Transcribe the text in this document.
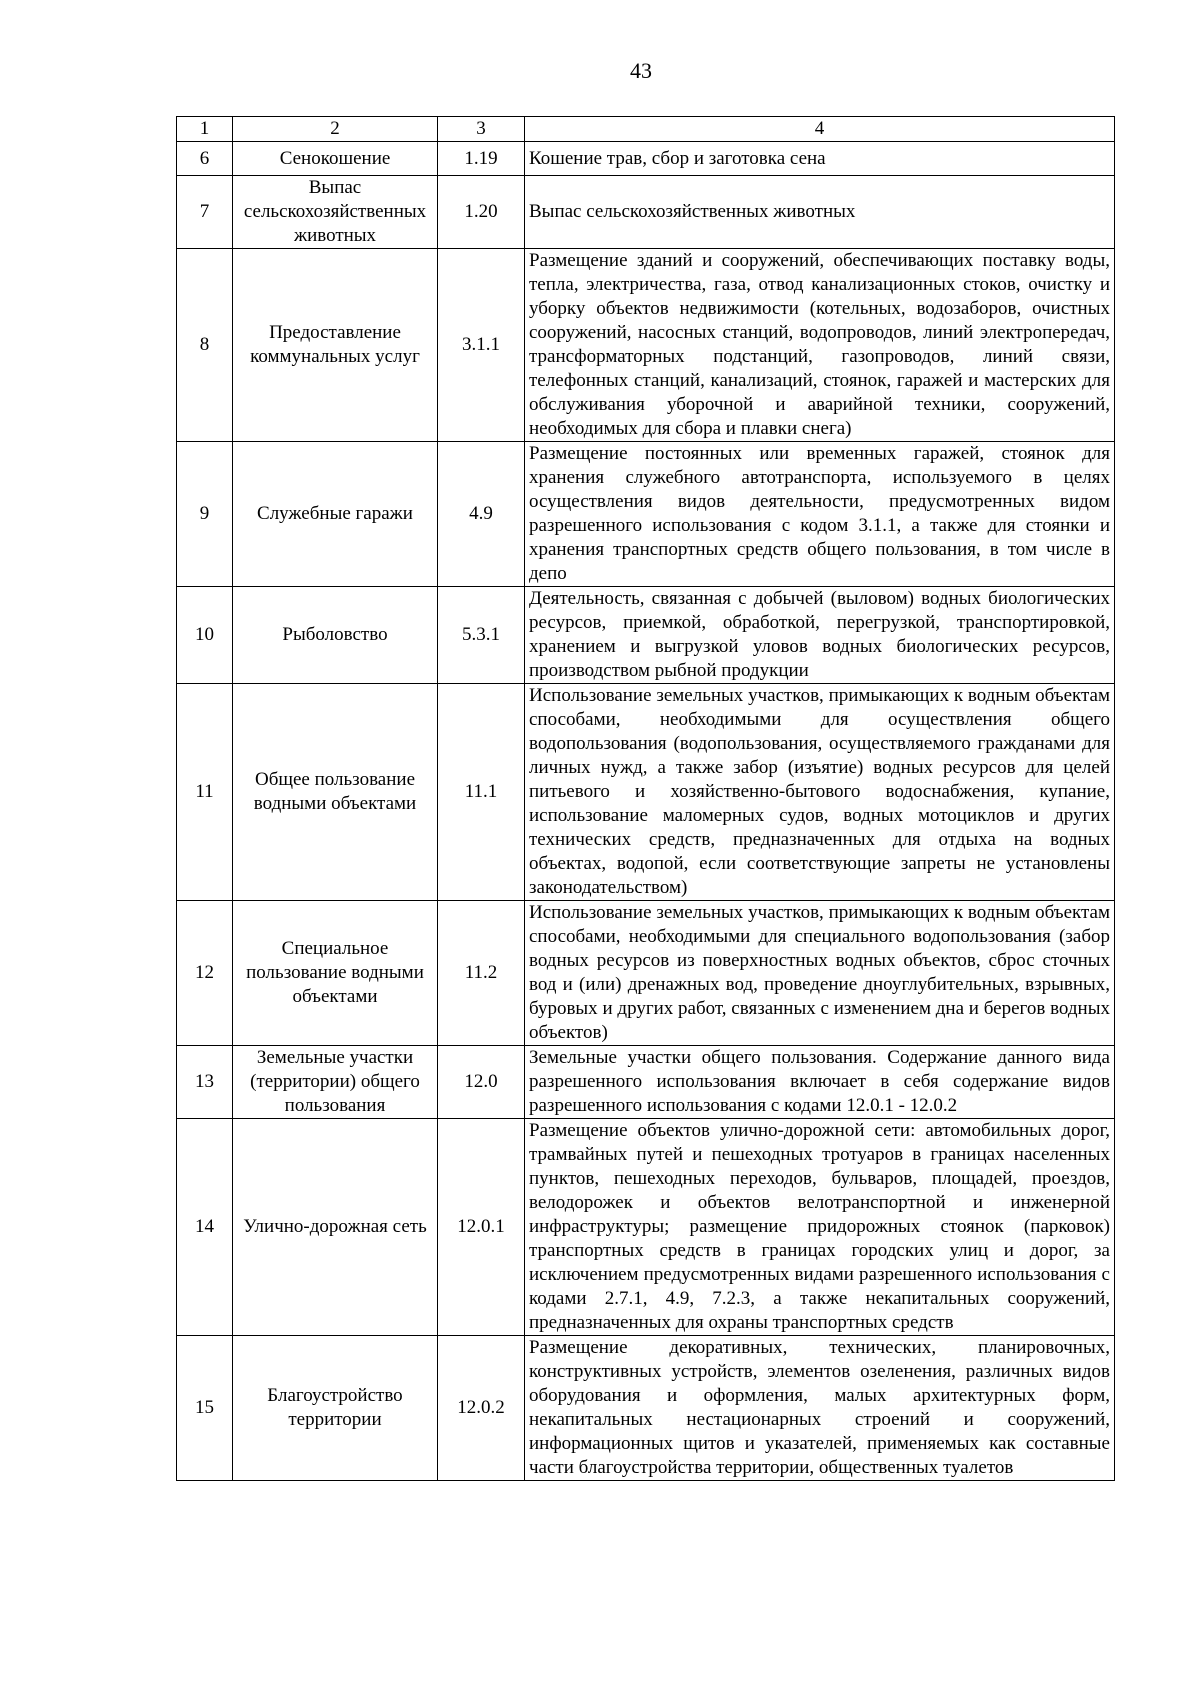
43
1	2	3	4
6	Сенокошение	1.19	Кошение трав, сбор и заготовка сена
7	Выпас сельскохозяйственных животных	1.20	Выпас сельскохозяйственных животных
8	Предоставление коммунальных услуг	3.1.1	Размещение зданий и сооружений, обеспечивающих поставку воды, тепла, электричества, газа, отвод канализационных стоков, очистку и уборку объектов недвижимости (котельных, водозаборов, очистных сооружений, насосных станций, водопроводов, линий электропередач, трансформаторных подстанций, газопроводов, линий связи, телефонных станций, канализаций, стоянок, гаражей и мастерских для обслуживания уборочной и аварийной техники, сооружений, необходимых для сбора и плавки снега)
9	Служебные гаражи	4.9	Размещение постоянных или временных гаражей, стоянок для хранения служебного автотранспорта, используемого в целях осуществления видов деятельности, предусмотренных видом разрешенного использования с кодом 3.1.1, а также для стоянки и хранения транспортных средств общего пользования, в том числе в депо
10	Рыболовство	5.3.1	Деятельность, связанная с добычей (выловом) водных биологических ресурсов, приемкой, обработкой, перегрузкой, транспортировкой, хранением и выгрузкой уловов водных биологических ресурсов, производством рыбной продукции
11	Общее пользование водными объектами	11.1	Использование земельных участков, примыкающих к водным объектам способами, необходимыми для осуществления общего водопользования (водопользования, осуществляемого гражданами для личных нужд, а также забор (изъятие) водных ресурсов для целей питьевого и хозяйственно-бытового водоснабжения, купание, использование маломерных судов, водных мотоциклов и других технических средств, предназначенных для отдыха на водных объектах, водопой, если соответствующие запреты не установлены законодательством)
12	Специальное пользование водными объектами	11.2	Использование земельных участков, примыкающих к водным объектам способами, необходимыми для специального водопользования (забор водных ресурсов из поверхностных водных объектов, сброс сточных вод и (или) дренажных вод, проведение дноуглубительных, взрывных, буровых и других работ, связанных с изменением дна и берегов водных объектов)
13	Земельные участки (территории) общего пользования	12.0	Земельные участки общего пользования. Содержание данного вида разрешенного использования включает в себя содержание видов разрешенного использования с кодами 12.0.1 - 12.0.2
14	Улично-дорожная сеть	12.0.1	Размещение объектов улично-дорожной сети: автомобильных дорог, трамвайных путей и пешеходных тротуаров в границах населенных пунктов, пешеходных переходов, бульваров, площадей, проездов, велодорожек и объектов велотранспортной и инженерной инфраструктуры; размещение придорожных стоянок (парковок) транспортных средств в границах городских улиц и дорог, за исключением предусмотренных видами разрешенного использования с кодами 2.7.1, 4.9, 7.2.3, а также некапитальных сооружений, предназначенных для охраны транспортных средств
15	Благоустройство территории	12.0.2	Размещение декоративных, технических, планировочных, конструктивных устройств, элементов озеленения, различных видов оборудования и оформления, малых архитектурных форм, некапитальных нестационарных строений и сооружений, информационных щитов и указателей, применяемых как составные части благоустройства территории, общественных туалетов
